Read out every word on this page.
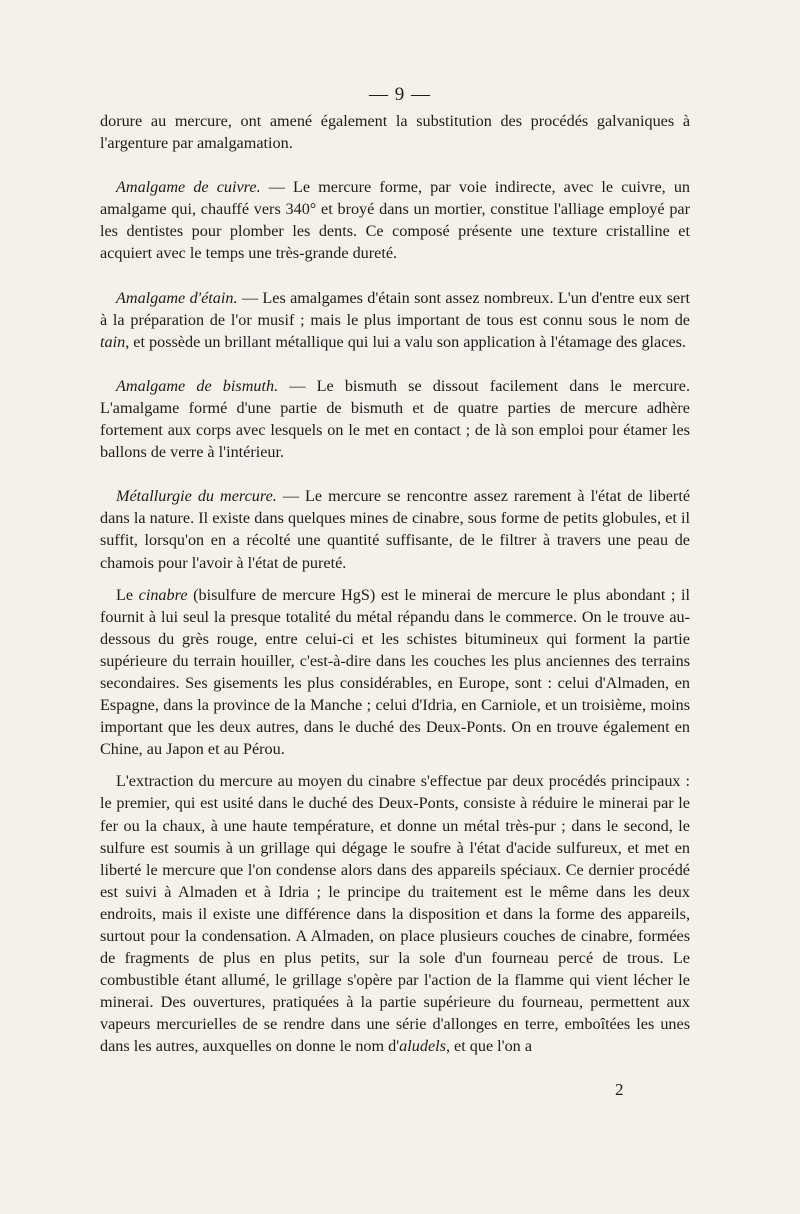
— 9 —

dorure au mercure, ont amené également la substitution des procédés galvaniques à l'argenture par amalgamation.

Amalgame de cuivre. — Le mercure forme, par voie indirecte, avec le cuivre, un amalgame qui, chauffé vers 340° et broyé dans un mortier, constitue l'alliage employé par les dentistes pour plomber les dents. Ce composé présente une texture cristalline et acquiert avec le temps une très-grande dureté.

Amalgame d'étain. — Les amalgames d'étain sont assez nombreux. L'un d'entre eux sert à la préparation de l'or musif ; mais le plus important de tous est connu sous le nom de tain, et possède un brillant métallique qui lui a valu son application à l'étamage des glaces.

Amalgame de bismuth. — Le bismuth se dissout facilement dans le mercure. L'amalgame formé d'une partie de bismuth et de quatre parties de mercure adhère fortement aux corps avec lesquels on le met en contact ; de là son emploi pour étamer les ballons de verre à l'intérieur.

Métallurgie du mercure. — Le mercure se rencontre assez rarement à l'état de liberté dans la nature. Il existe dans quelques mines de cinabre, sous forme de petits globules, et il suffit, lorsqu'on en a récolté une quantité suffisante, de le filtrer à travers une peau de chamois pour l'avoir à l'état de pureté.

Le cinabre (bisulfure de mercure HgS) est le minerai de mercure le plus abondant ; il fournit à lui seul la presque totalité du métal répandu dans le commerce. On le trouve au-dessous du grès rouge, entre celui-ci et les schistes bitumineux qui forment la partie supérieure du terrain houiller, c'est-à-dire dans les couches les plus anciennes des terrains secondaires. Ses gisements les plus considérables, en Europe, sont : celui d'Almaden, en Espagne, dans la province de la Manche ; celui d'Idria, en Carniole, et un troisième, moins important que les deux autres, dans le duché des Deux-Ponts. On en trouve également en Chine, au Japon et au Pérou.

L'extraction du mercure au moyen du cinabre s'effectue par deux procédés principaux : le premier, qui est usité dans le duché des Deux-Ponts, consiste à réduire le minerai par le fer ou la chaux, à une haute température, et donne un métal très-pur ; dans le second, le sulfure est soumis à un grillage qui dégage le soufre à l'état d'acide sulfureux, et met en liberté le mercure que l'on condense alors dans des appareils spéciaux. Ce dernier procédé est suivi à Almaden et à Idria ; le principe du traitement est le même dans les deux endroits, mais il existe une différence dans la disposition et dans la forme des appareils, surtout pour la condensation. A Almaden, on place plusieurs couches de cinabre, formées de fragments de plus en plus petits, sur la sole d'un fourneau percé de trous. Le combustible étant allumé, le grillage s'opère par l'action de la flamme qui vient lécher le minerai. Des ouvertures, pratiquées à la partie supérieure du fourneau, permettent aux vapeurs mercurielles de se rendre dans une série d'allonges en terre, emboîtées les unes dans les autres, auxquelles on donne le nom d'aludels, et que l'on a

2
